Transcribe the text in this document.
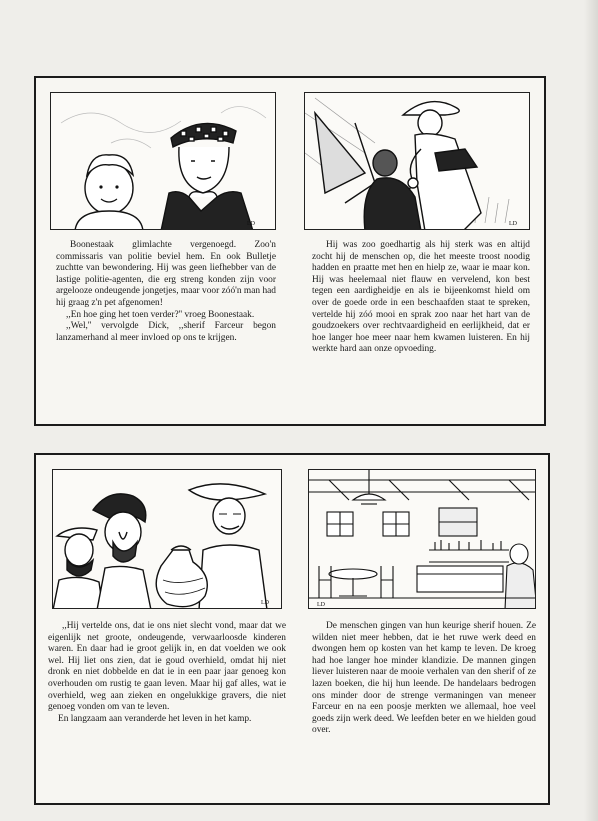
LD

Boonestaak glimlachte vergenoegd. Zoo'n commissaris van politie beviel hem. En ook Bulletje zuchtte van bewondering. Hij was geen liefhebber van de lastige politie-agenten, die erg streng konden zijn voor argelooze ondeugende jongetjes, maar voor zóó'n man had hij graag z'n pet afgenomen!

,,En hoe ging het toen verder?'' vroeg Boonestaak.

,,Wel,'' vervolgde Dick, ,,sherif Farceur begon lanzamerhand al meer invloed op ons te krijgen.

LD

Hij was zoo goedhartig als hij sterk was en altijd zocht hij de menschen op, die het meeste troost noodig hadden en praatte met hen en hielp ze, waar ie maar kon. Hij was heelemaal niet flauw en vervelend, kon best tegen een aardigheidje en als ie bijeenkomst hield om over de goede orde in een beschaafden staat te spreken, vertelde hij zóó mooi en sprak zoo naar het hart van de goudzoekers over rechtvaardigheid en eerlijkheid, dat er hoe langer hoe meer naar hem kwamen luisteren. En hij werkte hard aan onze opvoeding.

LD

,,Hij vertelde ons, dat ie ons niet slecht vond, maar dat we eigenlijk net groote, ondeugende, verwaarloosde kinderen waren. En daar had ie groot gelijk in, en dat voelden we ook wel. Hij liet ons zien, dat ie goud overhield, omdat hij niet dronk en niet dobbelde en dat ie in een paar jaar genoeg kon overhouden om rustig te gaan leven. Maar hij gaf alles, wat ie overhield, weg aan zieken en ongelukkige gravers, die niet genoeg vonden om van te leven.

En langzaam aan veranderde het leven in het kamp.

LD

De menschen gingen van hun keurige sherif houen. Ze wilden niet meer hebben, dat ie het ruwe werk deed en dwongen hem op kosten van het kamp te leven. De kroeg had hoe langer hoe minder klandizie. De mannen gingen liever luisteren naar de mooie verhalen van den sherif of ze lazen boeken, die hij hun leende. De handelaars bedrogen ons minder door de strenge vermaningen van meneer Farceur en na een poosje merkten we allemaal, hoe veel goeds zijn werk deed. We leefden beter en we hielden goud over.
